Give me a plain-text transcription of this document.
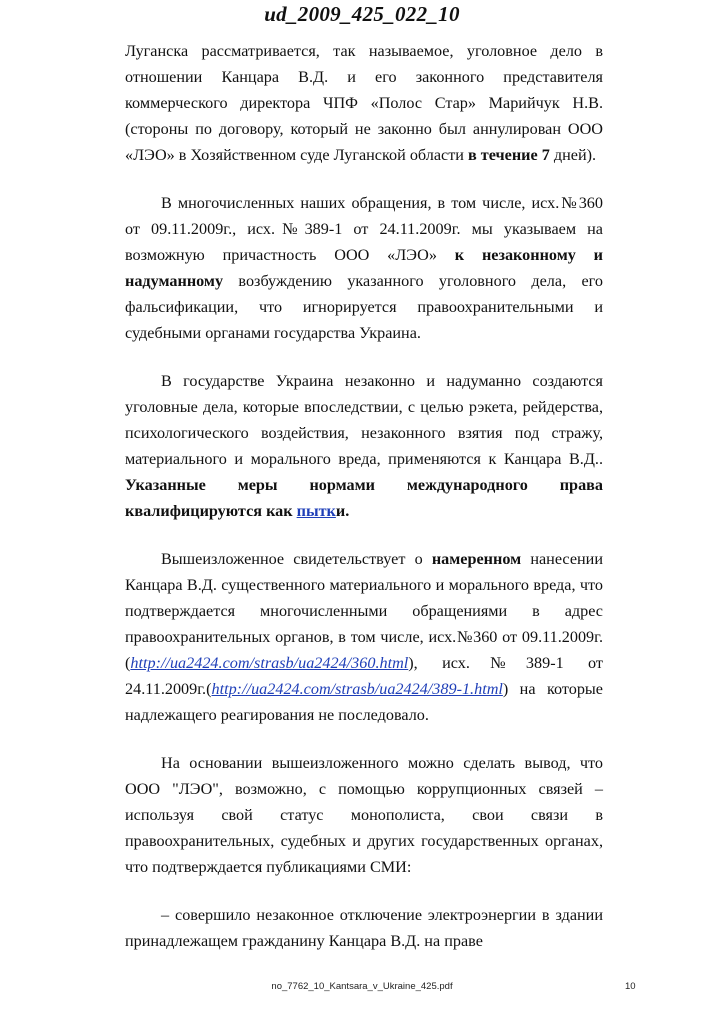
ud_2009_425_022_10

Луганска рассматривается, так называемое, уголовное дело в отношении Канцара В.Д. и его законного представителя коммерческого директора ЧПФ «Полос Стар» Марийчук Н.В. (стороны по договору, который не законно был аннулирован ООО «ЛЭО» в Хозяйственном суде Луганской области в течение 7 дней).

В многочисленных наших обращения, в том числе, исх.№360 от 09.11.2009г., исх.№389-1 от 24.11.2009г. мы указываем на возможную причастность ООО «ЛЭО» к незаконному и надуманному возбуждению указанного уголовного дела, его фальсификации, что игнорируется правоохранительными и судебными органами государства Украина.

В государстве Украина незаконно и надуманно создаются уголовные дела, которые впоследствии, с целью рэкета, рейдерства, психологического воздействия, незаконного взятия под стражу, материального и морального вреда, применяются к Канцара В.Д.. Указанные меры нормами международного права квалифицируются как пытки.

Вышеизложенное свидетельствует о намеренном нанесении Канцара В.Д. существенного материального и морального вреда, что подтверждается многочисленными обращениями в адрес правоохранительных органов, в том числе, исх.№360 от 09.11.2009г.(http://ua2424.com/strasb/ua2424/360.html), исх.№389-1 от 24.11.2009г.(http://ua2424.com/strasb/ua2424/389-1.html) на которые надлежащего реагирования не последовало.

На основании вышеизложенного можно сделать вывод, что ООО "ЛЭО", возможно, с помощью коррупционных связей – используя свой статус монополиста, свои связи в правоохранительных, судебных и других государственных органах, что подтверждается публикациями СМИ:

– совершило незаконное отключение электроэнергии в здании принадлежащем гражданину Канцара В.Д. на праве

no_7762_10_Kantsara_v_Ukraine_425.pdf	10
